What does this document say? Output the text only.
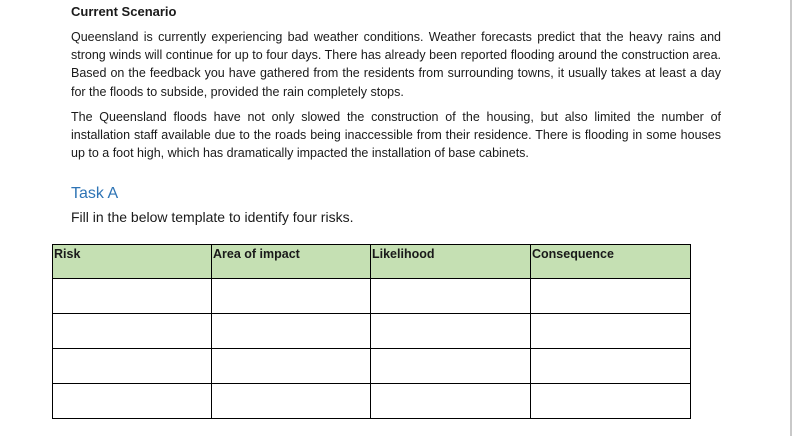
Current Scenario

Queensland is currently experiencing bad weather conditions. Weather forecasts predict that the heavy rains and strong winds will continue for up to four days. There has already been reported flooding around the construction area. Based on the feedback you have gathered from the residents from surrounding towns, it usually takes at least a day for the floods to subside, provided the rain completely stops.

The Queensland floods have not only slowed the construction of the housing, but also limited the number of installation staff available due to the roads being inaccessible from their residence. There is flooding in some houses up to a foot high, which has dramatically impacted the installation of base cabinets.

Task A

Fill in the below template to identify four risks.

Risk	Area of impact	Likelihood	Consequence
